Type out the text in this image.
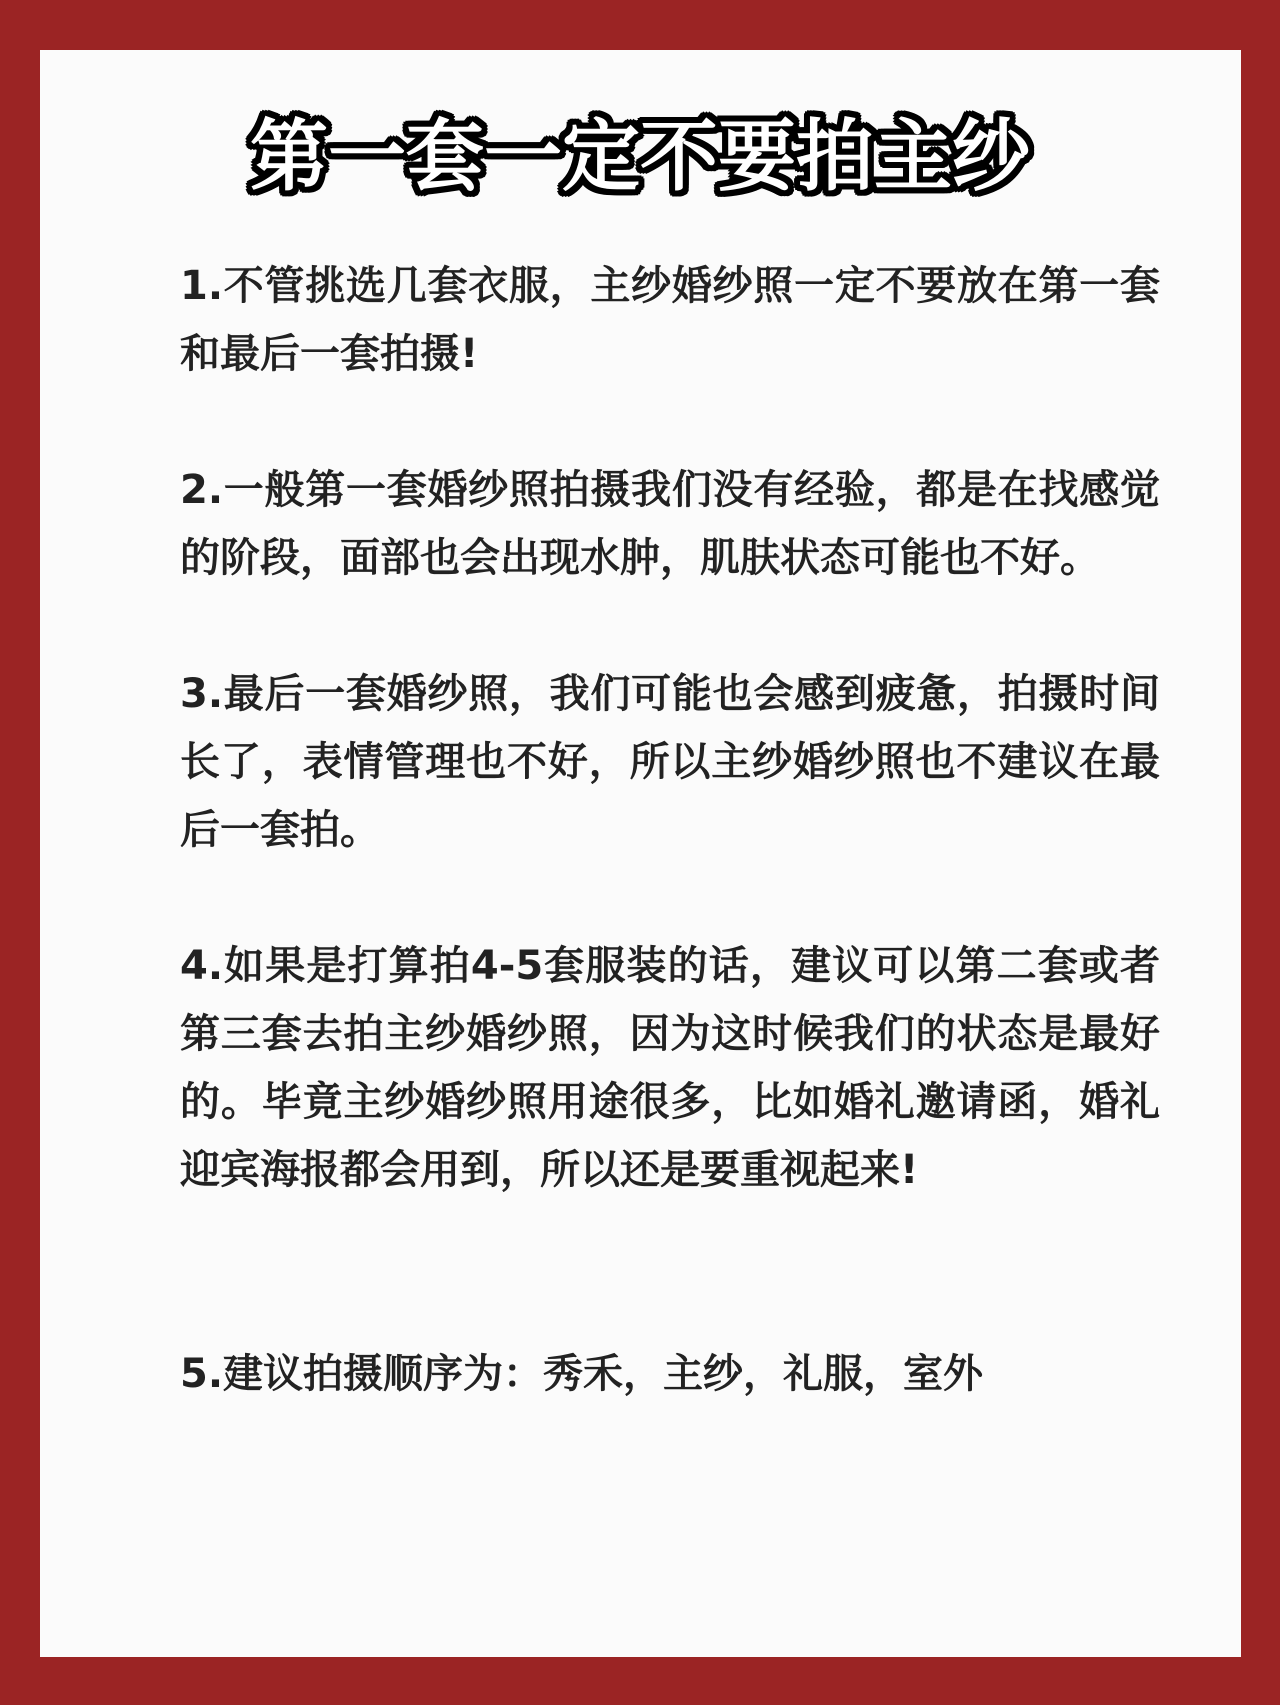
第一套一定不要拍主纱

1.不管挑选几套衣服，主纱婚纱照一定不要放在第一套和最后一套拍摄!

2.一般第一套婚纱照拍摄我们没有经验，都是在找感觉的阶段，面部也会出现水肿，肌肤状态可能也不好。

3.最后一套婚纱照，我们可能也会感到疲惫，拍摄时间长了，表情管理也不好，所以主纱婚纱照也不建议在最后一套拍。

4.如果是打算拍4-5套服装的话，建议可以第二套或者第三套去拍主纱婚纱照，因为这时候我们的状态是最好的。毕竟主纱婚纱照用途很多，比如婚礼邀请函，婚礼迎宾海报都会用到，所以还是要重视起来!

5.建议拍摄顺序为：秀禾，主纱，礼服，室外
